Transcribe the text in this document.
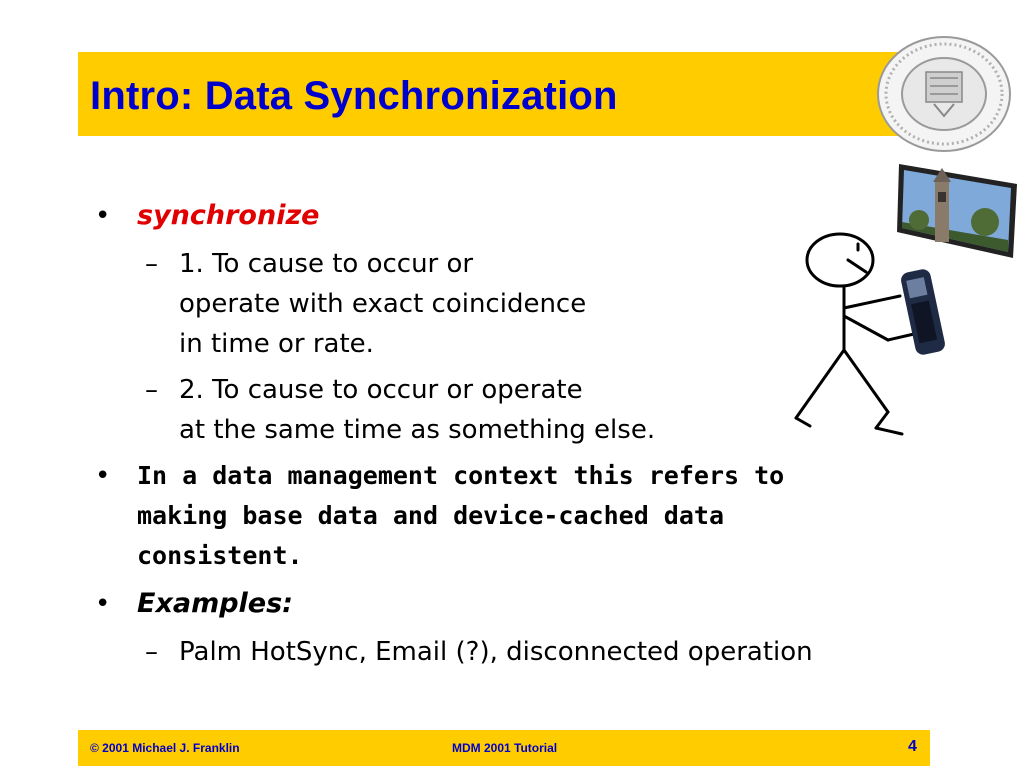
Intro: Data Synchronization
• synchronize
– 1. To cause to occur or
operate with exact coincidence
in time or rate.
– 2. To cause to occur or operate
at the same time as something else.
• In a data management context this refers to
making base data and device-cached data
consistent.
• Examples:
– Palm HotSync, Email (?), disconnected operation
© 2001 Michael J. Franklin	MDM 2001 Tutorial	4
